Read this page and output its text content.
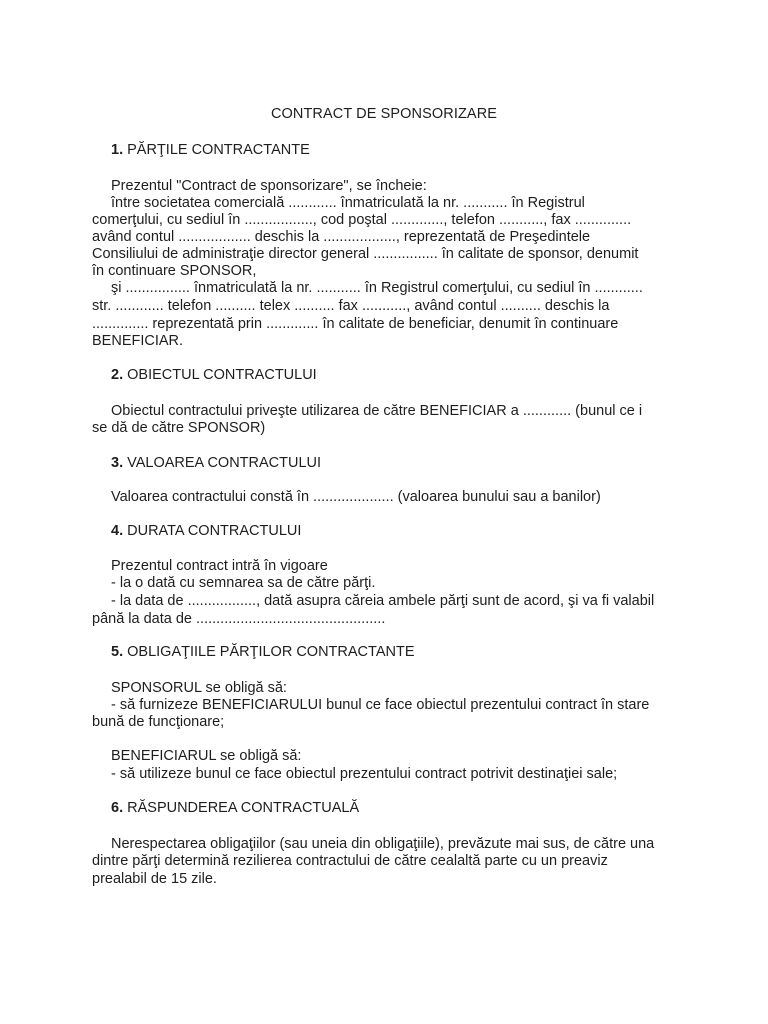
CONTRACT DE SPONSORIZARE
1. PĂRŢILE CONTRACTANTE
Prezentul "Contract de sponsorizare", se încheie:
între societatea comercială ............ înmatriculată la nr. ........... în Registrul
comerţului, cu sediul în ................., cod poştal ............., telefon ..........., fax ..............
având contul .................. deschis la .................., reprezentată de Preşedintele
Consiliului de administraţie director general ................ în calitate de sponsor, denumit
în continuare SPONSOR,
şi ................ înmatriculată la nr. ........... în Registrul comerţului, cu sediul în ............
str. ............ telefon .......... telex .......... fax ..........., având contul .......... deschis la
.............. reprezentată prin ............. în calitate de beneficiar, denumit în continuare
BENEFICIAR.
2. OBIECTUL CONTRACTULUI
Obiectul contractului priveşte utilizarea de către BENEFICIAR a ............ (bunul ce i
se dă de către SPONSOR)
3. VALOAREA CONTRACTULUI
Valoarea contractului constă în .................... (valoarea bunului sau a banilor)
4. DURATA CONTRACTULUI
Prezentul contract intră în vigoare
- la o dată cu semnarea sa de către părţi.
- la data de ................., dată asupra căreia ambele părţi sunt de acord, şi va fi valabil
până la data de ...............................................
5. OBLIGAŢIILE PĂRŢILOR CONTRACTANTE
SPONSORUL se obligă să:
- să furnizeze BENEFICIARULUI bunul ce face obiectul prezentului contract în stare
bună de funcţionare;
BENEFICIARUL se obligă să:
- să utilizeze bunul ce face obiectul prezentului contract potrivit destinaţiei sale;
6. RĂSPUNDEREA CONTRACTUALĂ
Nerespectarea obligaţiilor (sau uneia din obligaţiile), prevăzute mai sus, de către una
dintre părţi determină rezilierea contractului de către cealaltă parte cu un preaviz
prealabil de 15 zile.
